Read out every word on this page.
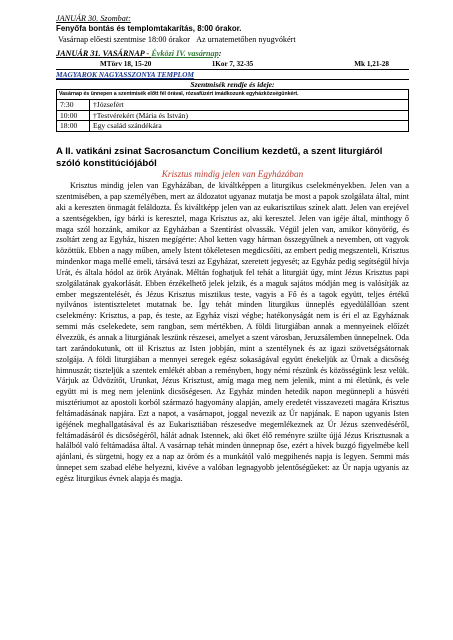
JANUÁR 30. Szombat:
Fenyőfa bontás és templomtakarítás, 8:00 órakor.
Vasárnap előesti szentmise 18:00 órakor Az urnatemetőben nyugvókért
JANUÁR 31. VASÁRNAP - Évközi IV. vasárnap:
MTörv 18, 15-20	1Kor 7, 32-35	Mk 1,21-28
MAGYAROK NAGYASSZONYA TEMPLOM
Szentmisék rendje és ideje:
Vasárnap és ünnepen a szentmisék előtt fél órával, rózsafüzért imádkozunk egyházközségünkért.	

7:30	†Józsefért
10:00	†Testvérekért (Mária és István)
18:00	Egy család szándékára
A II. vatikáni zsinat Sacrosanctum Concilium kezdetű, a szent liturgiáról
szóló konstitúciójából
Krisztus mindig jelen van Egyházában

Krisztus mindig jelen van Egyházában, de kiváltképpen a liturgikus cselekményekben. Jelen van a szentmisében, a pap személyében, mert az áldozatot ugyanaz mutatja be most a papok szolgálata által, mint aki a kereszten önmagát feláldozta. És kiváltképp jelen van az eukarisztikus színek alatt. Jelen van erejével a szentségekben, így bárki is keresztel, maga Krisztus az, aki keresztel. Jelen van igéje által, minthogy ő maga szól hozzánk, amikor az Egyházban a Szentírást olvassák. Végül jelen van, amikor könyörög, és zsoltárt zeng az Egyház, hiszen megígérte: Ahol ketten vagy hárman összegyűlnek a nevemben, ott vagyok közöttük. Ebben a nagy műben, amely Istent tökéletesen megdicsőíti, az embert pedig megszenteli, Krisztus mindenkor maga mellé emeli, társává teszi az Egyházat, szeretett jegyesét; az Egyház pedig segítségül hívja Urát, és általa hódol az örök Atyának. Méltán foghatjuk fel tehát a liturgiát úgy, mint Jézus Krisztus papi szolgálatának gyakorlását. Ebben érzékelhető jelek jelzik, és a maguk sajátos módján meg is valósítják az ember megszentelését, és Jézus Krisztus misztikus teste, vagyis a Fő és a tagok együtt, teljes értékű nyilvános istentiszteletet mutatnak be. Így tehát minden liturgikus ünneplés egyedülállóan szent cselekmény: Krisztus, a pap, és teste, az Egyház viszi végbe; hatékonyságát nem is éri el az Egyháznak semmi más cselekedete, sem rangban, sem mértékben. A földi liturgiában annak a mennyeinek előízét élvezzük, és annak a liturgiának leszünk részesei, amelyet a szent városban, Jeruzsálemben ünnepelnek. Oda tart zarándokutunk, ott ül Krisztus az Isten jobbján, mint a szentélynek és az igazi szövetségsátornak szolgája. A földi liturgiában a mennyei seregek egész sokaságával együtt énekeljük az Úrnak a dicsőség himnuszát; tiszteljük a szentek emlékét abban a reményben, hogy némi részünk és közösségünk lesz velük. Várjuk az Üdvözítőt, Urunkat, Jézus Krisztust, amíg maga meg nem jelenik, mint a mi életünk, és vele együtt mi is meg nem jelenünk dicsőségesen. Az Egyház minden hetedik napon megünnepli a húsvéti misztériumot az apostoli korból származó hagyomány alapján, amely eredetét visszavezeti magára Krisztus feltámadásának napjára. Ezt a napot, a vasárnapot, joggal nevezik az Úr napjának. E napon ugyanis Isten igéjének meghallgatásával és az Eukarisztiában részesedve megemlékeznek az Úr Jézus szenvedéséről, feltámadásáról és dicsőségéről, hálát adnak Istennek, aki őket élő reményre szülte újjá Jézus Krisztusnak a halálból való feltámadása által. A vasárnap tehát minden ünnepnap őse, ezért a hívek buzgó figyelmébe kell ajánlani, és sürgetni, hogy ez a nap az öröm és a munkától való megpihenés napja is legyen. Semmi más ünnepet sem szabad elébe helyezni, kivéve a valóban legnagyobb jelentőségűeket: az Úr napja ugyanis az egész liturgikus évnek alapja és magja.
